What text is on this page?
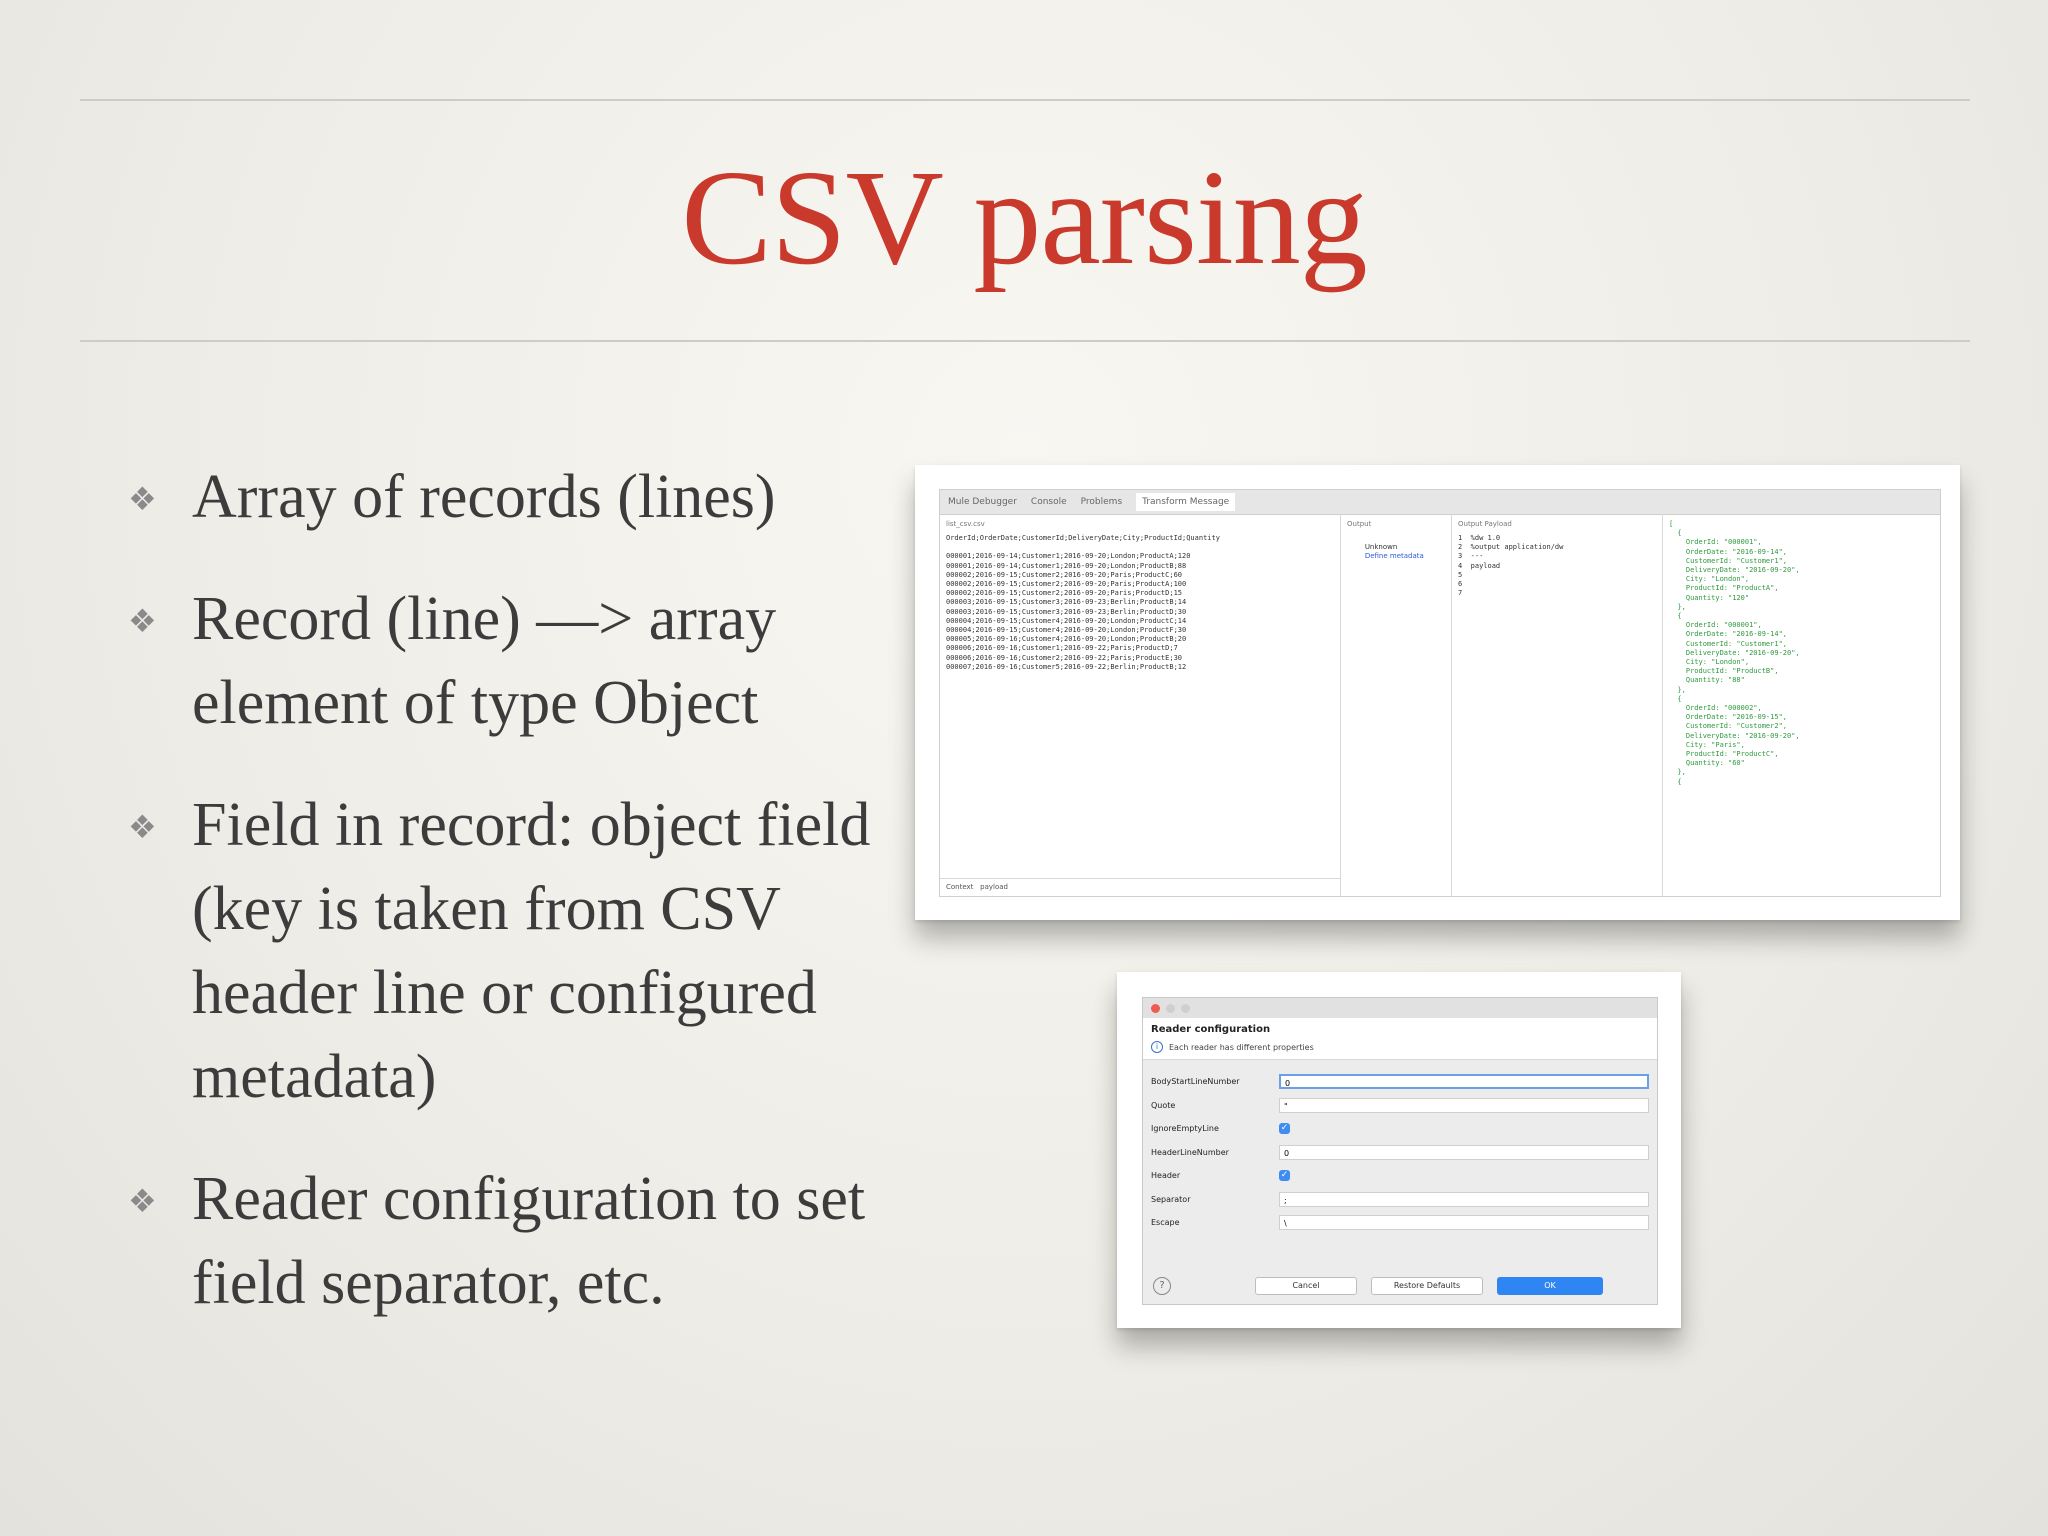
CSV parsing
❖ Array of records (lines)
❖ Record (line) —> array element of type Object
❖ Field in record: object field (key is taken from CSV header line or configured metadata)
❖ Reader configuration to set field separator, etc.
Mule Debugger Console Problems	Transform Message
list_csv.csv
OrderId;OrderDate;CustomerId;DeliveryDate;City;ProductId;Quantity

000001;2016-09-14;Customer1;2016-09-20;London;ProductA;120
000001;2016-09-14;Customer1;2016-09-20;London;ProductB;88
000002;2016-09-15;Customer2;2016-09-20;Paris;ProductC;60
000002;2016-09-15;Customer2;2016-09-20;Paris;ProductA;100
000002;2016-09-15;Customer2;2016-09-20;Paris;ProductD;15
000003;2016-09-15;Customer3;2016-09-23;Berlin;ProductB;14
000003;2016-09-15;Customer3;2016-09-23;Berlin;ProductD;30
000004;2016-09-15;Customer4;2016-09-20;London;ProductC;14
000004;2016-09-15;Customer4;2016-09-20;London;ProductF;30
000005;2016-09-16;Customer4;2016-09-20;London;ProductB;20
000006;2016-09-16;Customer1;2016-09-22;Paris;ProductD;7
000006;2016-09-16;Customer2;2016-09-22;Paris;ProductE;30
000007;2016-09-16;Customer5;2016-09-22;Berlin;ProductB;12
Context payload
Output

Unknown
Define metadata

Output Payload
1  %dw 1.0
2  %output application/dw
3  ---
4  payload
5
6
7
[
{
OrderId: "000001",
OrderDate: "2016-09-14",
CustomerId: "Customer1",
DeliveryDate: "2016-09-20",
City: "London",
ProductId: "ProductA",
Quantity: "120"
},
{
OrderId: "000001",
OrderDate: "2016-09-14",
CustomerId: "Customer1",
DeliveryDate: "2016-09-20",
City: "London",
ProductId: "ProductB",
Quantity: "88"
},
{
OrderId: "000002",
OrderDate: "2016-09-15",
CustomerId: "Customer2",
DeliveryDate: "2016-09-20",
City: "Paris",
ProductId: "ProductC",
Quantity: "60"
},
{
Reader configuration
i	Each reader has different properties
BodyStartLineNumber	0
Quote	"
IgnoreEmptyLine	✓
HeaderLineNumber	0
Header	✓
Separator	;
Escape	\
?	Cancel	Restore Defaults	OK
